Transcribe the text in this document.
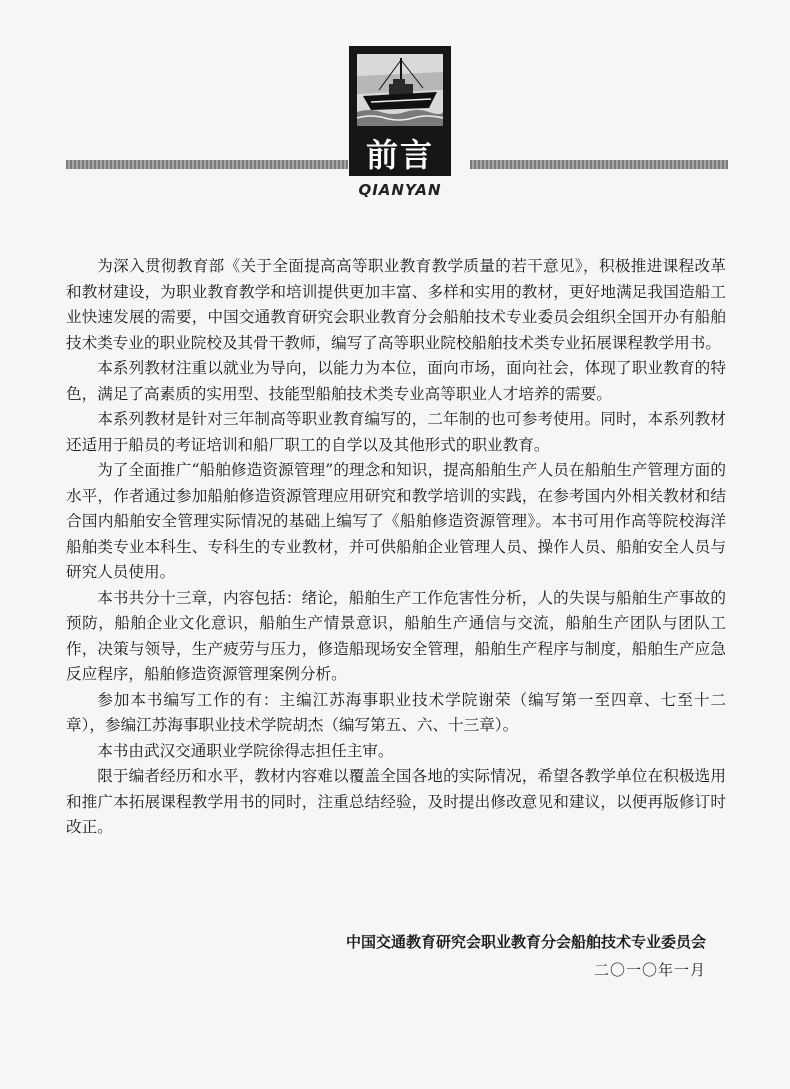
前言
QIANYAN

为深入贯彻教育部《关于全面提高高等职业教育教学质量的若干意见》，积极推进课程改革和教材建设，为职业教育教学和培训提供更加丰富、多样和实用的教材，更好地满足我国造船工业快速发展的需要，中国交通教育研究会职业教育分会船舶技术专业委员会组织全国开办有船舶技术类专业的职业院校及其骨干教师，编写了高等职业院校船舶技术类专业拓展课程教学用书。

本系列教材注重以就业为导向，以能力为本位，面向市场，面向社会，体现了职业教育的特色，满足了高素质的实用型、技能型船舶技术类专业高等职业人才培养的需要。

本系列教材是针对三年制高等职业教育编写的，二年制的也可参考使用。同时，本系列教材还适用于船员的考证培训和船厂职工的自学以及其他形式的职业教育。

为了全面推广“船舶修造资源管理”的理念和知识，提高船舶生产人员在船舶生产管理方面的水平，作者通过参加船舶修造资源管理应用研究和教学培训的实践，在参考国内外相关教材和结合国内船舶安全管理实际情况的基础上编写了《船舶修造资源管理》。本书可用作高等院校海洋船舶类专业本科生、专科生的专业教材，并可供船舶企业管理人员、操作人员、船舶安全人员与研究人员使用。

本书共分十三章，内容包括：绪论，船舶生产工作危害性分析，人的失误与船舶生产事故的预防，船舶企业文化意识，船舶生产情景意识，船舶生产通信与交流，船舶生产团队与团队工作，决策与领导，生产疲劳与压力，修造船现场安全管理，船舶生产程序与制度，船舶生产应急反应程序，船舶修造资源管理案例分析。

参加本书编写工作的有：主编江苏海事职业技术学院谢荣（编写第一至四章、七至十二章），参编江苏海事职业技术学院胡杰（编写第五、六、十三章）。

本书由武汉交通职业学院徐得志担任主审。

限于编者经历和水平，教材内容难以覆盖全国各地的实际情况，希望各教学单位在积极选用和推广本拓展课程教学用书的同时，注重总结经验，及时提出修改意见和建议，以便再版修订时改正。

中国交通教育研究会职业教育分会船舶技术专业委员会
二〇一〇年一月
